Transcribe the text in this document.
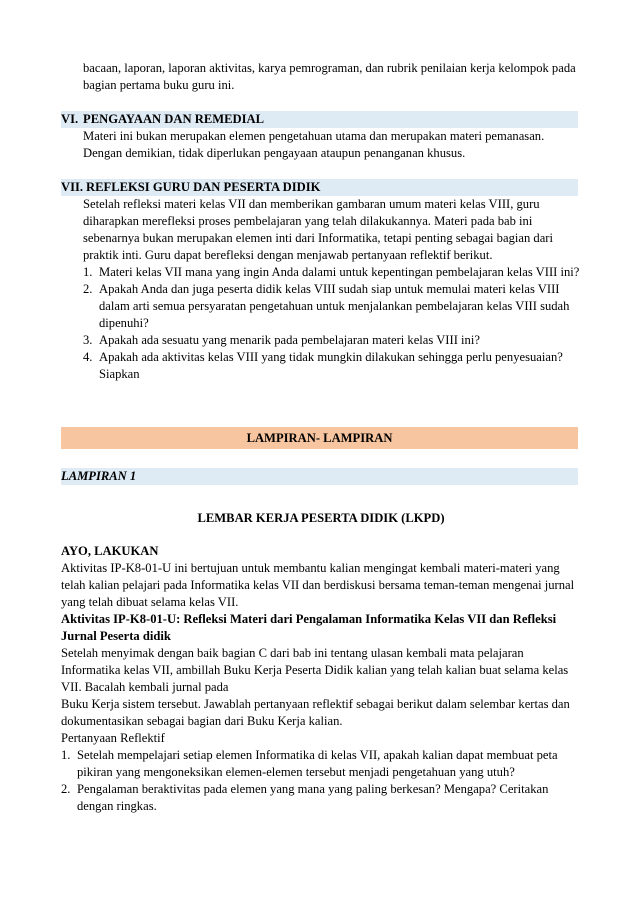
bacaan, laporan, laporan aktivitas, karya pemrograman, dan rubrik penilaian kerja kelompok pada bagian pertama buku guru ini.

VI. PENGAYAAN DAN REMEDIAL

Materi ini bukan merupakan elemen pengetahuan utama dan merupakan materi pemanasan. Dengan demikian, tidak diperlukan pengayaan ataupun penanganan khusus.

VII. REFLEKSI GURU DAN PESERTA DIDIK

Setelah refleksi materi kelas VII dan memberikan gambaran umum materi kelas VIII, guru diharapkan merefleksi proses pembelajaran yang telah dilakukannya. Materi pada bab ini sebenarnya bukan merupakan elemen inti dari Informatika, tetapi penting sebagai bagian dari praktik inti. Guru dapat berefleksi dengan menjawab pertanyaan reflektif berikut.

1. Materi kelas VII mana yang ingin Anda dalami untuk kepentingan pembelajaran kelas VIII ini?
2. Apakah Anda dan juga peserta didik kelas VIII sudah siap untuk memulai materi kelas VIII dalam arti semua persyaratan pengetahuan untuk menjalankan pembelajaran kelas VIII sudah dipenuhi?
3. Apakah ada sesuatu yang menarik pada pembelajaran materi kelas VIII ini?
4. Apakah ada aktivitas kelas VIII yang tidak mungkin dilakukan sehingga perlu penyesuaian? Siapkan
LAMPIRAN- LAMPIRAN
LAMPIRAN 1
LEMBAR KERJA PESERTA DIDIK (LKPD)
AYO, LAKUKAN

Aktivitas IP-K8-01-U ini bertujuan untuk membantu kalian mengingat kembali materi-materi yang telah kalian pelajari pada Informatika kelas VII dan berdiskusi bersama teman-teman mengenai jurnal yang telah dibuat selama kelas VII.

Aktivitas IP-K8-01-U: Refleksi Materi dari Pengalaman Informatika Kelas VII dan Refleksi Jurnal Peserta didik

Setelah menyimak dengan baik bagian C dari bab ini tentang ulasan kembali mata pelajaran Informatika kelas VII, ambillah Buku Kerja Peserta Didik kalian yang telah kalian buat selama kelas VII. Bacalah kembali jurnal pada

Buku Kerja sistem tersebut. Jawablah pertanyaan reflektif sebagai berikut dalam selembar kertas dan dokumentasikan sebagai bagian dari Buku Kerja kalian.

Pertanyaan Reflektif

1. Setelah mempelajari setiap elemen Informatika di kelas VII, apakah kalian dapat membuat peta pikiran yang mengoneksikan elemen-elemen tersebut menjadi pengetahuan yang utuh?
2. Pengalaman beraktivitas pada elemen yang mana yang paling berkesan? Mengapa? Ceritakan dengan ringkas.
